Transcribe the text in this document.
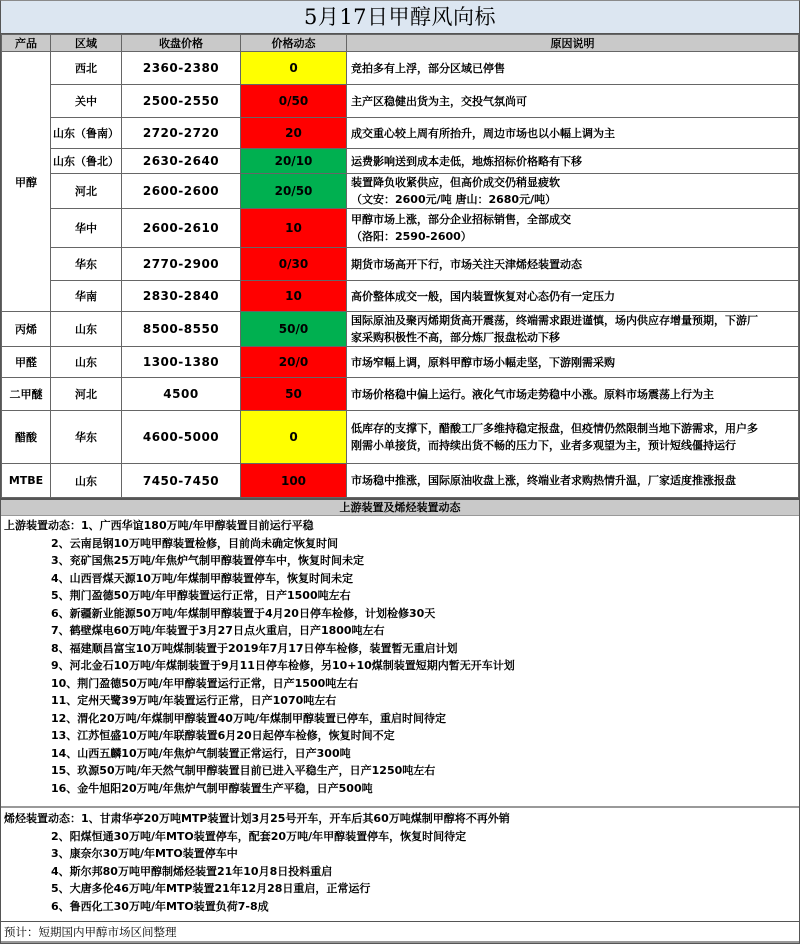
5月17日甲醇风向标
产品	区域	收盘价格	价格动态	原因说明
甲醇	西北	2360-2380	0	竞拍多有上浮，部分区域已停售

	关中	2500-2550	0/50	主产区稳健出货为主，交投气氛尚可

	山东（鲁南）	2720-2720	20	成交重心较上周有所抬升，周边市场也以小幅上调为主

	山东（鲁北）	2630-2640	20/10	运费影响送到成本走低，地炼招标价格略有下移

	河北	2600-2600	20/50	装置降负收紧供应，但高价成交仍稍显疲软
（文安：2600元/吨 唐山：2680元/吨）

	华中	2600-2610	10	甲醇市场上涨，部分企业招标销售，全部成交
（洛阳：2590-2600）

	华东	2770-2900	0/30	期货市场高开下行，市场关注天津烯烃装置动态

	华南	2830-2840	10	高价整体成交一般，国内装置恢复对心态仍有一定压力

丙烯	山东	8500-8550	50/0	国际原油及聚丙烯期货高开震荡，终端需求跟进谨慎，场内供应存增量预期，下游厂
家采购积极性不高，部分炼厂报盘松动下移

甲醛	山东	1300-1380	20/0	市场窄幅上调，原料甲醇市场小幅走坚，下游刚需采购

二甲醚	河北	4500	50	市场价格稳中偏上运行。液化气市场走势稳中小涨。原料市场震荡上行为主

醋酸	华东	4600-5000	0	低库存的支撑下，醋酸工厂多维持稳定报盘，但疫情仍然限制当地下游需求，用户多
刚需小单接货，而持续出货不畅的压力下，业者多观望为主，预计短线僵持运行

MTBE	山东	7450-7450	100	市场稳中推涨，国际原油收盘上涨，终端业者求购热情升温，厂家适度推涨报盘
上游装置及烯烃装置动态
上游装置动态：1、广西华谊180万吨/年甲醇装置目前运行平稳
2、云南昆钢10万吨甲醇装置检修，目前尚未确定恢复时间
3、兖矿国焦25万吨/年焦炉气制甲醇装置停车中，恢复时间未定
4、山西晋煤天源10万吨/年煤制甲醇装置停车，恢复时间未定
5、荆门盈德50万吨/年甲醇装置运行正常，日产1500吨左右
6、新疆新业能源50万吨/年煤制甲醇装置于4月20日停车检修，计划检修30天
7、鹤壁煤电60万吨/年装置于3月27日点火重启，日产1800吨左右
8、福建顺昌富宝10万吨煤制装置于2019年7月17日停车检修，装置暂无重启计划
9、河北金石10万吨/年煤制装置于9月11日停车检修，另10+10煤制装置短期内暂无开车计划
10、荆门盈德50万吨/年甲醇装置运行正常，日产1500吨左右
11、定州天鹭39万吨/年装置运行正常，日产1070吨左右
12、渭化20万吨/年煤制甲醇装置40万吨/年煤制甲醇装置已停车，重启时间待定
13、江苏恒盛10万吨/年联醇装置6月20日起停车检修，恢复时间不定
14、山西五麟10万吨/年焦炉气制装置正常运行，日产300吨
15、玖源50万吨/年天然气制甲醇装置目前已进入平稳生产，日产1250吨左右
16、金牛旭阳20万吨/年焦炉气制甲醇装置生产平稳，日产500吨
烯烃装置动态：1、甘肃华亭20万吨MTP装置计划3月25号开车，开车后其60万吨煤制甲醇将不再外销
2、阳煤恒通30万吨/年MTO装置停车，配套20万吨/年甲醇装置停车，恢复时间待定
3、康奈尔30万吨/年MTO装置停车中
4、斯尔邦80万吨甲醇制烯烃装置21年10月8日投料重启
5、大唐多伦46万吨/年MTP装置21年12月28日重启，正常运行
6、鲁西化工30万吨/年MTO装置负荷7-8成
预计：短期国内甲醇市场区间整理
